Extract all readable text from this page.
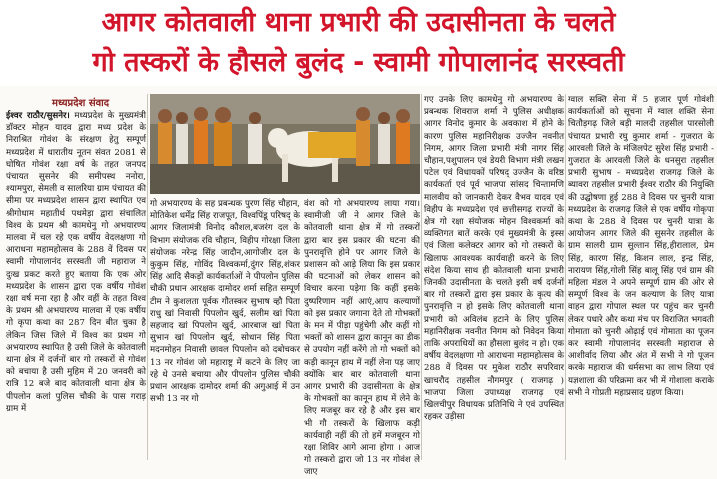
आगर कोतवाली थाना प्रभारी की उदासीनता के चलते
गो तस्करों के हौसले बुलंद - स्वामी गोपालानंद सरस्वती
मध्यप्रदेश संवाद

ईश्वर राठौर/सुसनेर। मध्यप्रदेश के मुख्यमंत्री डॉक्टर मोहन यादव द्वारा मध्य प्रदेश के निराश्रित गोवंश के संरक्षण हेतु सम्पूर्ण मध्यप्रदेश में धारातीय नूतन संवत 2081 से घोषित गोवंश रक्षा वर्ष के तहत जनपद पंचायत सुसनेर की समीपस्थ ननोरा, श्यामपुरा, सेमली व सालरिया ग्राम पंचायत की सीमा पर मध्यप्रदेश शासन द्वारा स्थापित एव श्रीगोधाम महातीर्थ पथमेड़ा द्वारा संचालित विश्व के प्रथम श्री कामधेनु गो अभयारण्य मालवा में चल रहे एक वर्षीय वेदलक्षणा गो आराधना महामहोत्सव के 288 वें दिवस पर स्वामी गोपालानंद सरस्वती जी महाराज ने दुःख प्रकट करते हुए बताया कि एक ओर मध्यप्रदेश के शासन द्वारा एक वर्षीय गोवंश रक्षा वर्ष मना रहा है और वहीं के तहत विश्व के प्रथम श्री अभयारण्य मालवा में एक वर्षीय गो कृपा कथा का 287 दिन बीत चुका है लेकिन जिस जिले में विश्व का प्रथम गो अभयारण्य स्थापित है उसी जिले के कोतवाली थाना क्षेत्र में दर्जनों बार गो तस्करों से गोवंश को बचाया है उसी मुहिम में 20 जनवरी को रात्रि 12 बजे बाद कोतवाली थाना क्षेत्र के पीपलोन कलां पुलिस चौकी के पास गराड़ ग्राम में

गो अभयारण्य के सह प्रबन्धक पुरण सिंह चौहान, मोतिकेश धर्मेंद्र सिंह राजपूत, विश्वपिंडू परिषद् के आगर जिलामंत्री विनोद कौशल,बजरंग दल के विभाग संयोजक रवि चौहान, विहीप गोरक्षा जिला संयोजक नरेन्द्र सिंह जादौन,आगोजीर दल के कुकुम सिंह, गोविंद विश्वकर्मा,दुंगर सिंह,शंकर सिंह आदि सैकड़ों कार्यकर्ताओं ने पीपलोन पुलिस चौकी प्रधान आरक्षक दामोदर शर्मा सहित सम्पूर्ण टीम ने कुशलता पूर्वक गौतस्कर सुभाष व्हौ पिता राधु खां निवासी पिपलोन खुर्द, सलीम खां पिता सहजाद खां पिपलोन खुर्द, आरबाज खां पिता सुभान खां पिपलोन खुर्द, सोधान सिंह पिता मदनमोहन निवासी छावल पिपलोन को दबोचकर 13 नर गोवंश जो महाराष्ट्र में कटने के लिए जा रहे थे उनसे बचाया और पीपलोन पुलिस चौकी प्रधान आरक्षक दामोदर शर्मा की अगुआई में उन सभी 13 नर गो

वंश को गो अभयारण्य लाया गया। स्वामीजी जी ने आगर जिले के कोतवाली थाना क्षेत्र में गो तस्करों द्वारा बार इस प्रकार की घटना की पुनरावृत्ति होने पर आगर जिले के प्रशासन को आड़े लिया कि इस प्रकार की घटनाओं को लेकर शासन को विचार करना पड़ेगा कि कहीं इसके दुष्परिणाम नहीं आएं,आप कल्याणों को इस प्रकार जगाना देते तो गोभक्तों के मन में पीड़ा पहुंचेगी और कहीं गो भक्तों को शासन द्वारा कानून का डीक से उपयोग नहीं करेंगे तो गो भक्तों को कड़ी कानून हाथ में नहीं लेना पड़ जाए क्योंकि बार बार कोतवाली थाना आगर प्रभारी की उदासीनता के क्षेत्र के गोभक्तों का कानून हाथ में लेने के लिए मजबूर कर रहे है और इस बार भी गौ तस्करों के खिलाफ कड़ी कार्यवाही नहीं की तो हमें मजबूरन गो रक्षा शिविर आगे आना होगा । आज गो तस्करो द्वारा जो 13 नर गोवंश ले जाए

गए उनके लिए कामधेनु गो अभयारण्य के प्रबन्धक शिवराज शर्मा ने पुलिस अधीक्षक आगर विनोद कुमार के अवकाश में होने के कारण पुलिस महानिरीक्षक उज्जैन नवनीत निगम, आगर जिला प्रभारी मंत्री नागर सिंह चौहान,पशुपालन एवं डेयरी विभाग मंत्री लखन पटेल एवं विधायकों परिषद् उज्जैन के वरिष्ठ कार्यकर्ता एवं पूर्व भाजपा सांसद चिन्तामणि मालवीय को जानकारी देकर वैभव यादव एवं विहीप के मध्यप्रदेश एवं छत्तीसगढ़ राज्यों के क्षेत्र गो रक्षा संयोजक मोहन विश्वकर्मा को व्यक्तिगत बातें करके एवं मुख्यमंत्री के इस्स एवं जिला कलेक्टर आगर को गो तस्करों के खिलाफ आवश्यक कार्यवाही करने के लिए संदेश किया साथ ही कोतवाली थाना प्रभारी जिनकी उदासीनता के चलते इसी वर्ष दर्जनों बार गो तस्करों द्वारा इस प्रकार के कृत्य की पुनरावृत्ति न हो इसके लिए कोतवाली थाना प्रभारी को अविलंब हटाने के लिए पुलिस महानिरीक्षक नवनीत निगम को निवेदन किया ताकि अपराधियों का हौसला बुलंद न हो। एक वर्षीय वेदलक्षणा गो आराधना महामहोत्सव के 288 वें दिवस पर मुकेश राठौर सपरिवार खाचरौद तहसील नौगमपुर ( राजगढ़ ) भाजपा जिला उपाध्यक्ष राजगढ़ एवं खिलचीपुर विधायक प्रतिनिधि ने एवं उपस्थित रहकर उड़ीसा

ग्वाल सक्ति सेना में 5 हजार पूर्ण गोवंशी कार्यकर्ताओं को सूचना में ग्वाल शक्ति सेना चितौड़गढ़ जिले बड़ी मालदी तहसील पारसोली पंचायत प्रभारी रघु कुमार शर्मा - गुजरात के आरवली जिले के मंजिलपेट सुरेश सिंह प्रभारी - गुजरात के आरवली जिले के धनसुरा तहसील प्रभारी सुभाष - मध्यप्रदेश राजगढ़ जिले के ब्यावरा तहसील प्रभारी ईश्वर राठौर की नियुक्ति की उद्घोषणा हुई 288 वे दिवस पर चुनरी यात्रा मध्यप्रदेश के राजगढ़ जिले से एक वर्षीय गोकृपा कथा के 288 वे दिवस पर चुनरी यात्रा के आयोजन आगर जिले की सुसनेर तहसील के ग्राम सालरी ग्राम सुल्तान सिंह,हीरालाल, प्रेम सिंह, कारण सिंह, किशन लाल, इन्द्र सिंह, नारायण सिंह,गोली सिंह बालू सिंह एवं ग्राम की महिला मंडल ने अपने सम्पूर्ण ग्राम की ओर से सम्पूर्ण विश्व के जन कल्याण के लिए यात्रा वाहन द्वारा गोपाल स्थल पर पहुंच कर चुनरी लेकर पधारे और कथा मंच पर विराजित भगवती गोमाता को चुनरी ओढ़ाई एवं गोमाता का पूजन कर स्वामी गोपालानंद सरस्वती महाराज से आशीर्वाद लिया और अंत में सभी ने गो पूजन करके महाराज की धर्मसभा का लाभ लिया एवं यज्ञशाला की परिक्रमा कर भी में गोशाला कराके सभी ने गोप्रती महाप्रसाद ग्रहण किया।
